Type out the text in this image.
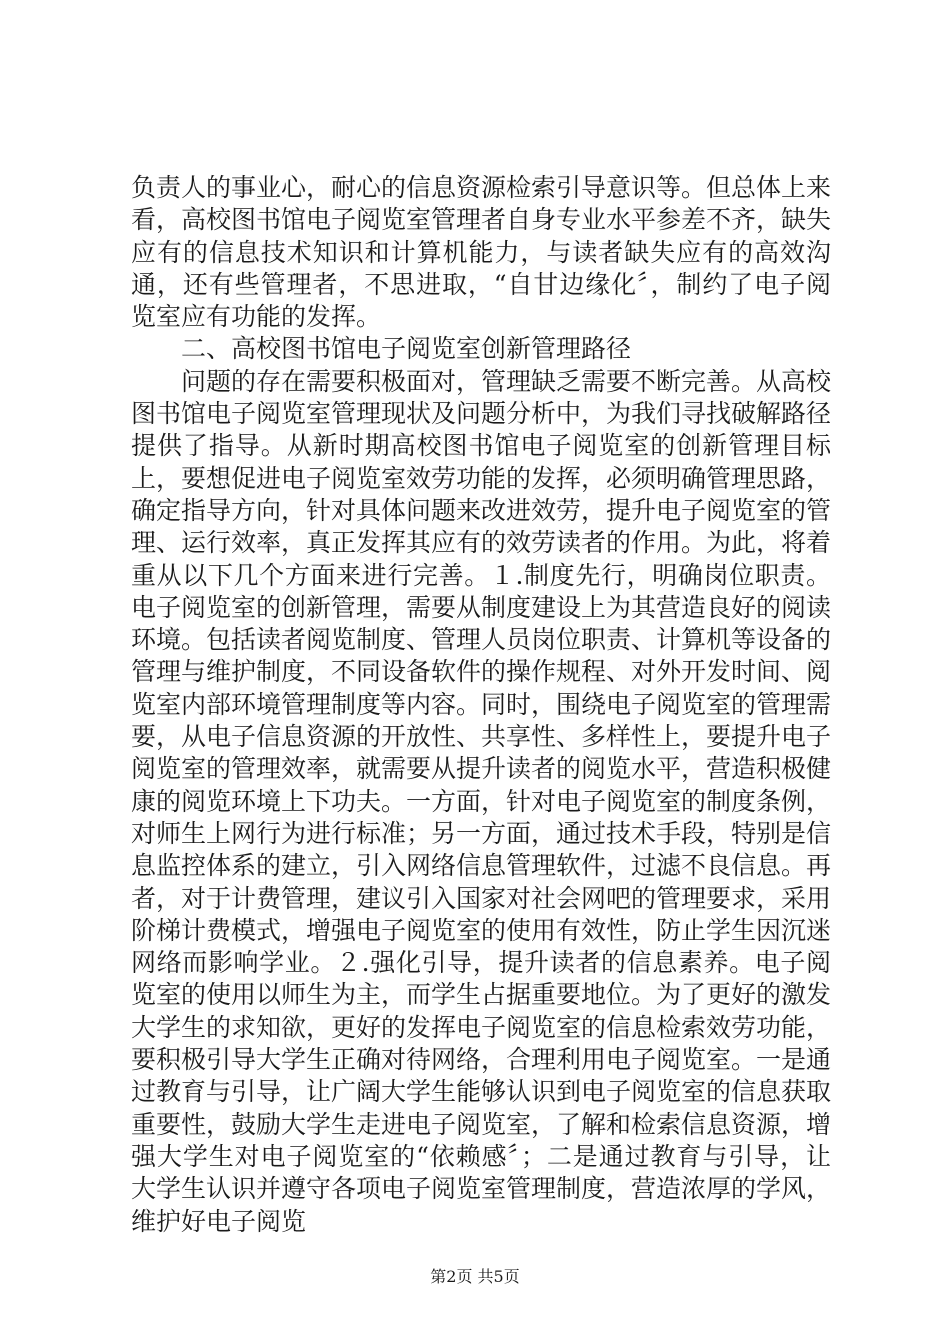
负责人的事业心，耐心的信息资源检索引导意识等。但总体上来看，高校图书馆电子阅览室管理者自身专业水平参差不齐，缺失应有的信息技术知识和计算机能力，与读者缺失应有的高效沟通，还有些管理者，不思进取，“自甘边缘化〞，制约了电子阅览室应有功能的发挥。

二、高校图书馆电子阅览室创新管理路径

问题的存在需要积极面对，管理缺乏需要不断完善。从高校图书馆电子阅览室管理现状及问题分析中，为我们寻找破解路径提供了指导。从新时期高校图书馆电子阅览室的创新管理目标上，要想促进电子阅览室效劳功能的发挥，必须明确管理思路，确定指导方向，针对具体问题来改进效劳，提升电子阅览室的管理、运行效率，真正发挥其应有的效劳读者的作用。为此，将着重从以下几个方面来进行完善。１.制度先行，明确岗位职责。电子阅览室的创新管理，需要从制度建设上为其营造良好的阅读环境。包括读者阅览制度、管理人员岗位职责、计算机等设备的管理与维护制度，不同设备软件的操作规程、对外开发时间、阅览室内部环境管理制度等内容。同时，围绕电子阅览室的管理需要，从电子信息资源的开放性、共享性、多样性上，要提升电子阅览室的管理效率，就需要从提升读者的阅览水平，营造积极健康的阅览环境上下功夫。一方面，针对电子阅览室的制度条例，对师生上网行为进行标准；另一方面，通过技术手段，特别是信息监控体系的建立，引入网络信息管理软件，过滤不良信息。再者，对于计费管理，建议引入国家对社会网吧的管理要求，采用阶梯计费模式，增强电子阅览室的使用有效性，防止学生因沉迷网络而影响学业。２.强化引导，提升读者的信息素养。电子阅览室的使用以师生为主，而学生占据重要地位。为了更好的激发大学生的求知欲，更好的发挥电子阅览室的信息检索效劳功能，要积极引导大学生正确对待网络，合理利用电子阅览室。一是通过教育与引导，让广阔大学生能够认识到电子阅览室的信息获取重要性，鼓励大学生走进电子阅览室，了解和检索信息资源，增强大学生对电子阅览室的“依赖感〞；二是通过教育与引导，让大学生认识并遵守各项电子阅览室管理制度，营造浓厚的学风，维护好电子阅览

第2页 共5页
